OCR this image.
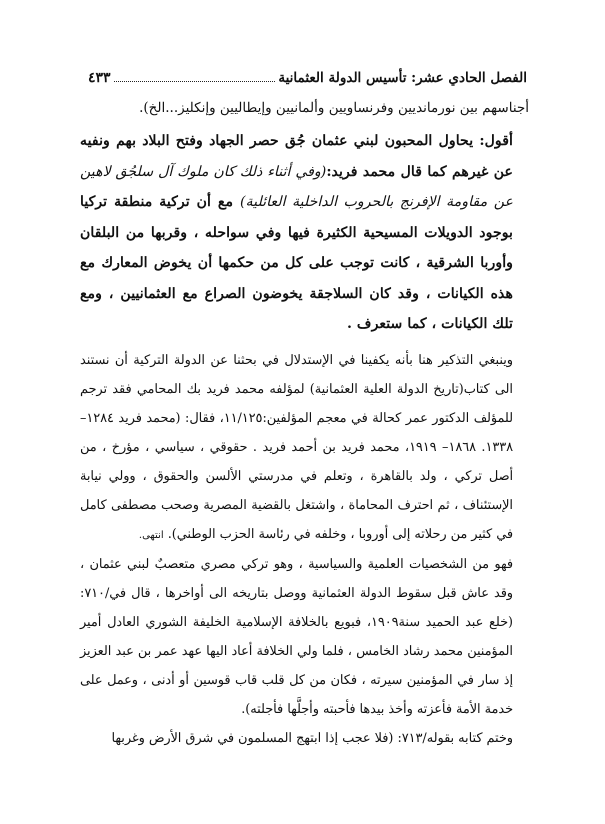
الفصل الحادي عشر: تأسيس الدولة العثمانية
٤٣٣

أجناسهم بين نورمانديين وفرنساويين وألمانيين وإيطاليين وإنكليز...الخ).

أقول: يحاول المحبون لبني عثمان جُق حصر الجهاد وفتح البلاد بهم ونفيه عن غيرهم كما قال محمد فريد:(وفي أثناء ذلك كان ملوك آل سلجُق لاهين عن مقاومة الإفرنج بالحروب الداخلية العائلية) مع أن تركية منطقة تركيا بوجود الدويلات المسيحية الكثيرة فيها وفي سواحله ، وقربها من البلقان وأوربا الشرقية ، كانت توجب على كل من حكمها أن يخوض المعارك مع هذه الكيانات ، وقد كان السلاجقة يخوضون الصراع مع العثمانيين ، ومع تلك الكيانات ، كما ستعرف .

وينبغي التذكير هنا بأنه يكفينا في الإستدلال في بحثنا عن الدولة التركية أن نستند الى كتاب(تاريخ الدولة العلية العثمانية) لمؤلفه محمد فريد بك المحامي فقد ترجم للمؤلف الدكتور عمر كحالة في معجم المؤلفين:١١/١٢٥، فقال: (محمد فريد ١٢٨٤– ١٣٣٨. ١٨٦٨– ١٩١٩، محمد فريد بن أحمد فريد . حقوقي ، سياسي ، مؤرخ ، من أصل تركي ، ولد بالقاهرة ، وتعلم في مدرستي الألسن والحقوق ، وولي نيابة الإستئناف ، ثم احترف المحاماة ، واشتغل بالقضية المصرية وصحب مصطفى كامل في كثير من رحلاته إلى أوروبا ، وخلفه في رئاسة الحزب الوطني). انتهى.

فهو من الشخصيات العلمية والسياسية ، وهو تركي مصري متعصبٌ لبني عثمان ، وقد عاش قبل سقوط الدولة العثمانية ووصل بتاريخه الى أواخرها ، قال في/٧١٠: (خلع عبد الحميد سنة١٩٠٩، فبويع بالخلافة الإسلامية الخليفة الشوري العادل أمير المؤمنين محمد رشاد الخامس ، فلما ولي الخلافة أعاد اليها عهد عمر بن عبد العزيز إذ سار في المؤمنين سيرته ، فكان من كل قلب قاب قوسين أو أدنى ، وعمل على خدمة الأمة فأعزته وأخذ بيدها فأحبته وأجلَّها فأجلته).

وختم كتابه بقوله/٧١٣: (فلا عجب إذا ابتهج المسلمون في شرق الأرض وغربها
